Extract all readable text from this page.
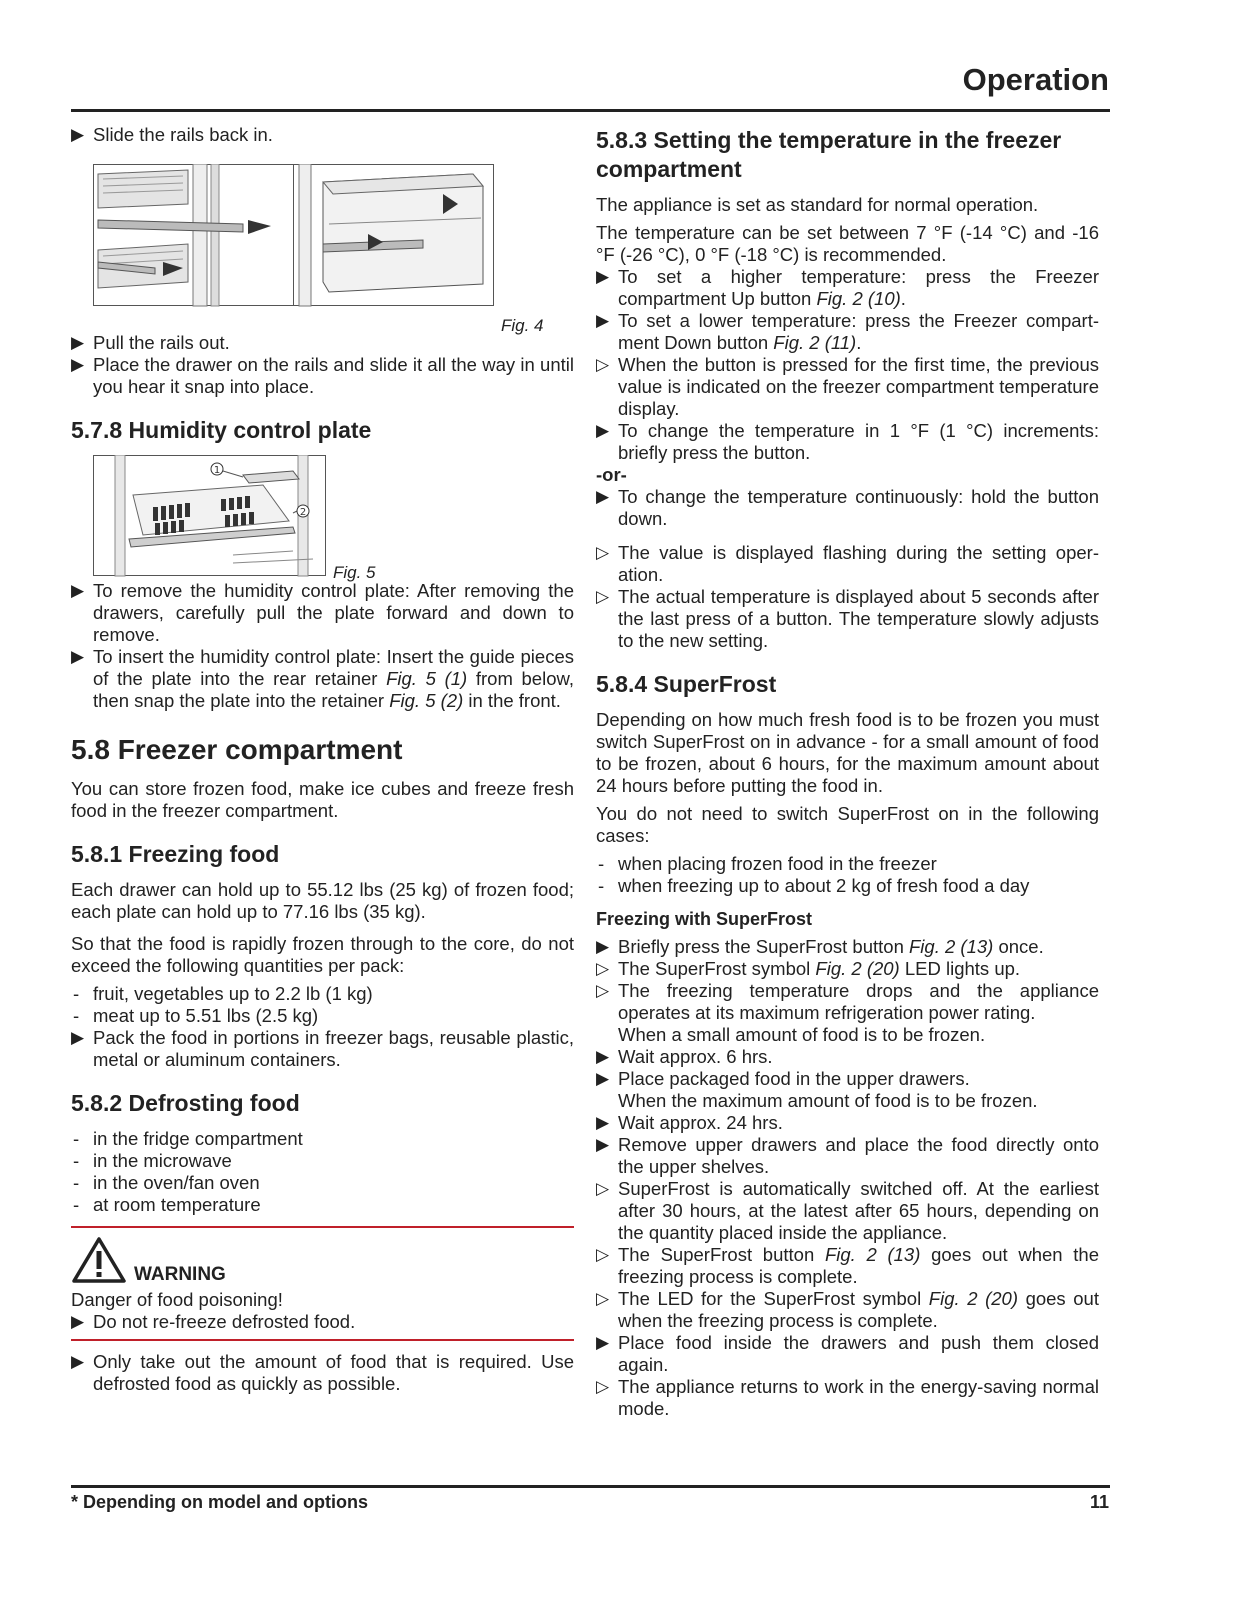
Operation
▶ Slide the rails back in.
Fig. 4
▶ Pull the rails out.
▶ Place the drawer on the rails and slide it all the way in until you hear it snap into place.
5.7.8 Humidity control plate
1
2
Fig. 5
▶ To remove the humidity control plate: After removing the drawers, carefully pull the plate forward and down to remove.
▶ To insert the humidity control plate: Insert the guide pieces of the plate into the rear retainer Fig. 5 (1) from below, then snap the plate into the retainer Fig. 5 (2) in the front.
5.8 Freezer compartment

You can store frozen food, make ice cubes and freeze fresh food in the freezer compartment.

5.8.1 Freezing food

Each drawer can hold up to 55.12 lbs (25 kg) of frozen food; each plate can hold up to 77.16 lbs (35 kg).

So that the food is rapidly frozen through to the core, do not exceed the following quantities per pack:

- fruit, vegetables up to 2.2 lb (1 kg)
- meat up to 5.51 lbs (2.5 kg)
▶ Pack the food in portions in freezer bags, reusable plastic, metal or aluminum containers.
5.8.2 Defrosting food
- in the fridge compartment
- in the microwave
- in the oven/fan oven
- at room temperature
WARNING
Danger of food poisoning!
▶ Do not re-freeze defrosted food.
▶ Only take out the amount of food that is required. Use defrosted food as quickly as possible.
5.8.3 Setting the temperature in the freezer compartment

The appliance is set as standard for normal operation.

The temperature can be set between 7 °F (-14 °C) and -16 °F (-26 °C), 0 °F (-18 °C) is recommended.

▶ To set a higher temperature: press the Freezer compartment Up button Fig. 2 (10).
▶ To set a lower temperature: press the Freezer compart-ment Down button Fig. 2 (11).
▷ When the button is pressed for the first time, the previous value is indicated on the freezer compartment temperature display.
▶ To change the temperature in 1 °F (1 °C) increments: briefly press the button.
-or-
▶ To change the temperature continuously: hold the button down.
▷ The value is displayed flashing during the setting oper-ation.
▷ The actual temperature is displayed about 5 seconds after the last press of a button. The temperature slowly adjusts to the new setting.
5.8.4 SuperFrost

Depending on how much fresh food is to be frozen you must switch SuperFrost on in advance - for a small amount of food to be frozen, about 6 hours, for the maximum amount about 24 hours before putting the food in.

You do not need to switch SuperFrost on in the following cases:

- when placing frozen food in the freezer
- when freezing up to about 2 kg of fresh food a day
Freezing with SuperFrost
▶ Briefly press the SuperFrost button Fig. 2 (13) once.
▷ The SuperFrost symbol Fig. 2 (20) LED lights up.
▷ The freezing temperature drops and the appliance operates at its maximum refrigeration power rating.
When a small amount of food is to be frozen.
▶ Wait approx. 6 hrs.
▶ Place packaged food in the upper drawers.
When the maximum amount of food is to be frozen.
▶ Wait approx. 24 hrs.
▶ Remove upper drawers and place the food directly onto the upper shelves.
▷ SuperFrost is automatically switched off. At the earliest after 30 hours, at the latest after 65 hours, depending on the quantity placed inside the appliance.
▷ The SuperFrost button Fig. 2 (13) goes out when the freezing process is complete.
▷ The LED for the SuperFrost symbol Fig. 2 (20) goes out when the freezing process is complete.
▶ Place food inside the drawers and push them closed again.
▷ The appliance returns to work in the energy-saving normal mode.
* Depending on model and options	11
